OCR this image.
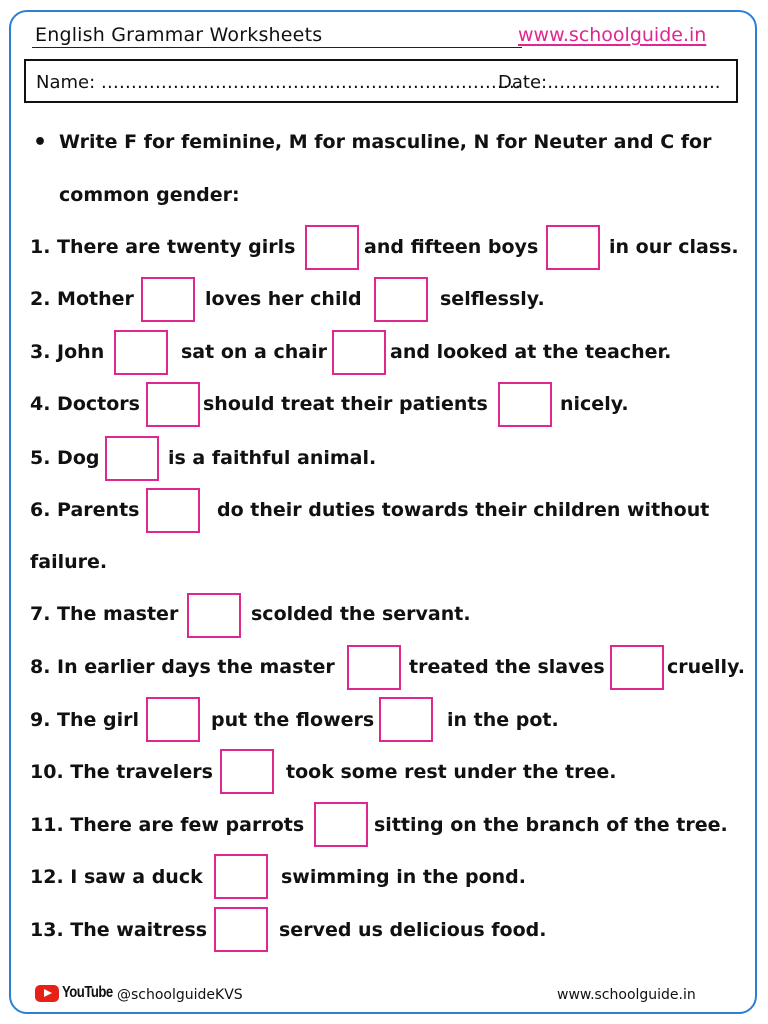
English Grammar Worksheets	www.schoolguide.in
Name: …………………………………………………………….
Date:………………………..
• Write F for feminine, M for masculine, N for Neuter and C for
common gender:
1. There are twenty girls	and fifteen boys	in our class.
2. Mother	loves her child	selflessly.
3. John	sat on a chair	and looked at the teacher.
4. Doctors	should treat their patients	nicely.
5. Dog	is a faithful animal.
6. Parents	do their duties towards their children without
failure.
7. The master	scolded the servant.
8. In earlier days the master	treated the slaves	cruelly.
9. The girl	put the flowers	in the pot.
10. The travelers	took some rest under the tree.
11. There are few parrots	sitting on the branch of the tree.
12. I saw a duck	swimming in the pond.
13. The waitress	served us delicious food.
YouTube @schoolguideKVS	www.schoolguide.in
